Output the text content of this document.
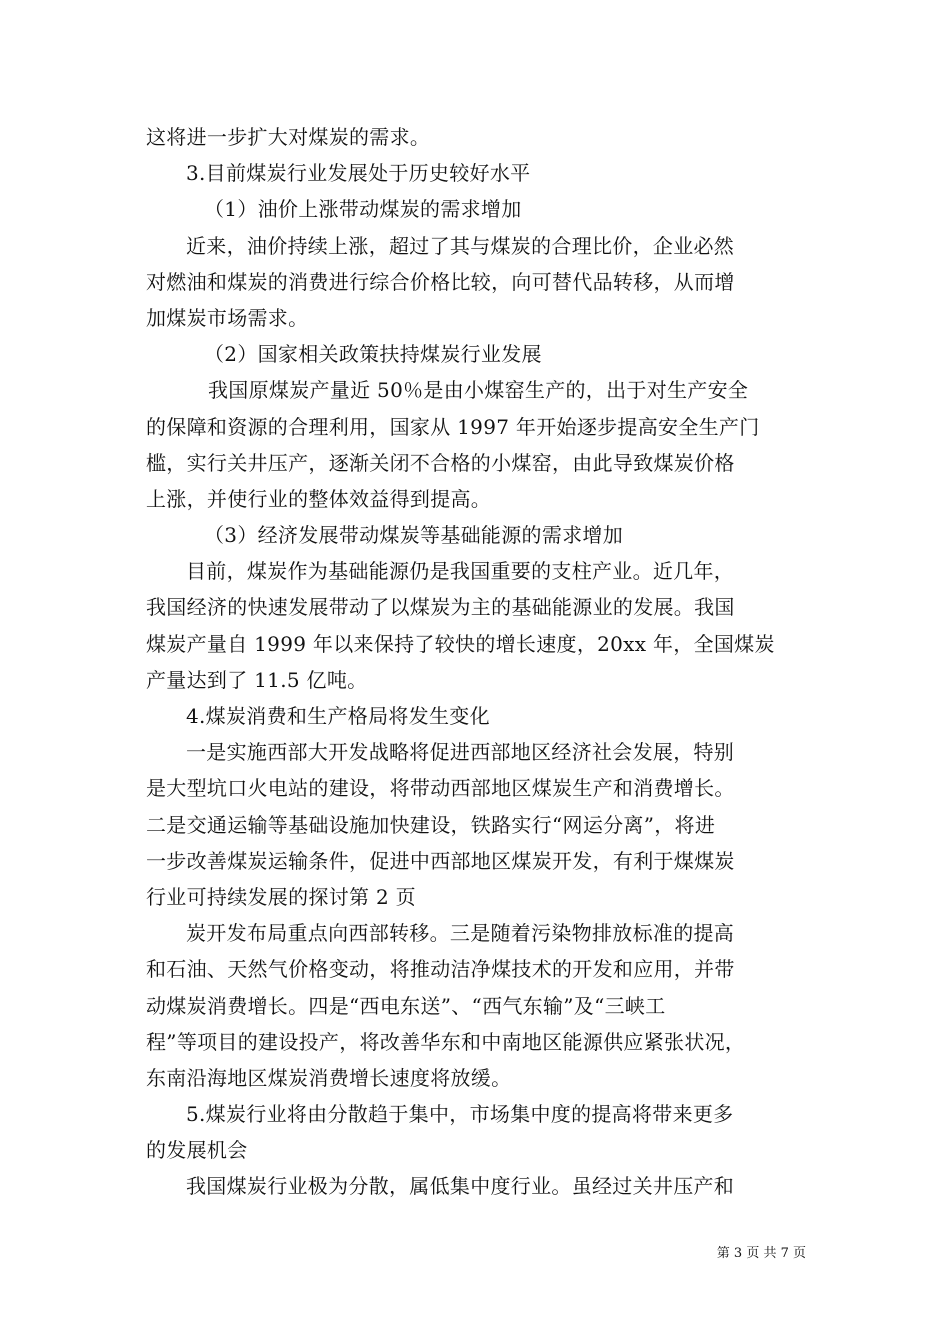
这将进一步扩大对煤炭的需求。
3.目前煤炭行业发展处于历史较好水平
（1）油价上涨带动煤炭的需求增加
近来，油价持续上涨，超过了其与煤炭的合理比价，企业必然
对燃油和煤炭的消费进行综合价格比较，向可替代品转移，从而增
加煤炭市场需求。
（2）国家相关政策扶持煤炭行业发展
我国原煤炭产量近 50％是由小煤窑生产的，出于对生产安全
的保障和资源的合理利用，国家从 1997 年开始逐步提高安全生产门
槛，实行关井压产，逐渐关闭不合格的小煤窑，由此导致煤炭价格
上涨，并使行业的整体效益得到提高。
（3）经济发展带动煤炭等基础能源的需求增加
目前，煤炭作为基础能源仍是我国重要的支柱产业。近几年，
我国经济的快速发展带动了以煤炭为主的基础能源业的发展。我国
煤炭产量自 1999 年以来保持了较快的增长速度，20xx 年，全国煤炭
产量达到了 11.5 亿吨。
4.煤炭消费和生产格局将发生变化
一是实施西部大开发战略将促进西部地区经济社会发展，特别
是大型坑口火电站的建设，将带动西部地区煤炭生产和消费增长。
二是交通运输等基础设施加快建设，铁路实行“网运分离”，将进
一步改善煤炭运输条件，促进中西部地区煤炭开发，有利于煤煤炭
行业可持续发展的探讨第 2 页
炭开发布局重点向西部转移。三是随着污染物排放标准的提高
和石油、天然气价格变动，将推动洁净煤技术的开发和应用，并带
动煤炭消费增长。四是“西电东送”、“西气东输”及“三峡工
程”等项目的建设投产，将改善华东和中南地区能源供应紧张状况，
东南沿海地区煤炭消费增长速度将放缓。
5.煤炭行业将由分散趋于集中，市场集中度的提高将带来更多
的发展机会
我国煤炭行业极为分散，属低集中度行业。虽经过关井压产和
第 3 页 共 7 页
